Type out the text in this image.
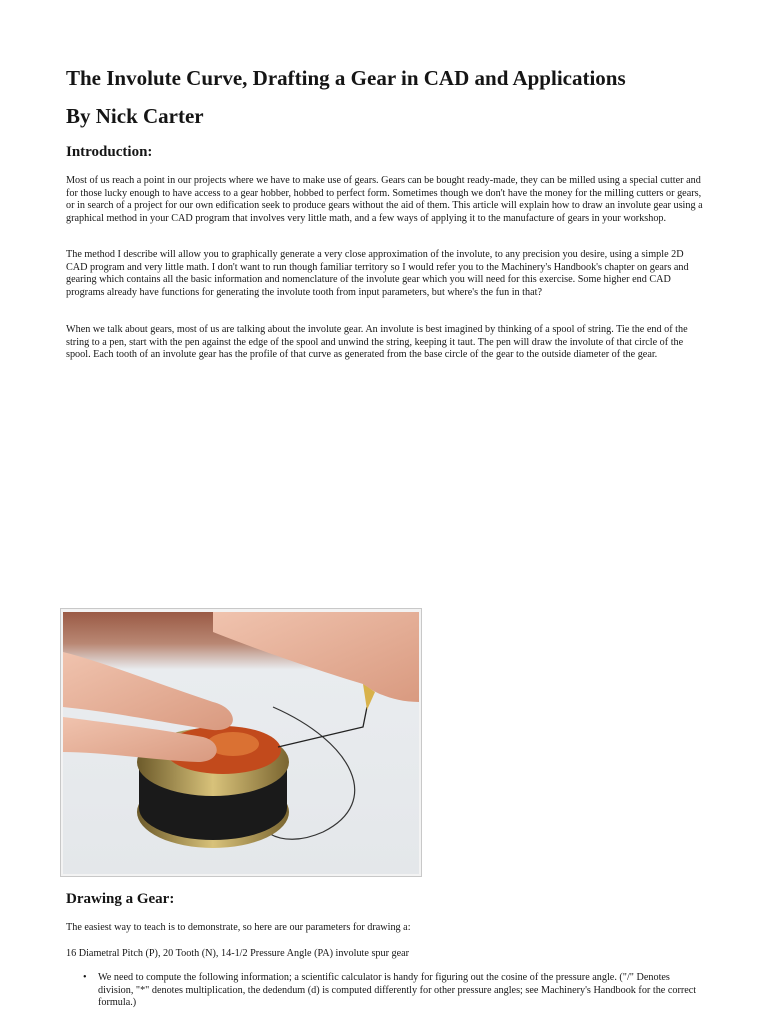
The Involute Curve, Drafting a Gear in CAD and Applications
By Nick Carter
Introduction:

Most of us reach a point in our projects where we have to make use of gears. Gears can be bought ready-made, they can be milled using a special cutter and for those lucky enough to have access to a gear hobber, hobbed to perfect form. Sometimes though we don't have the money for the milling cutters or gears, or in search of a project for our own edification seek to produce gears without the aid of them. This article will explain how to draw an involute gear using a graphical method in your CAD program that involves very little math, and a few ways of applying it to the manufacture of gears in your workshop.

The method I describe will allow you to graphically generate a very close approximation of the involute, to any precision you desire, using a simple 2D CAD program and very little math. I don't want to run though familiar territory so I would refer you to the Machinery's Handbook's chapter on gears and gearing which contains all the basic information and nomenclature of the involute gear which you will need for this exercise. Some higher end CAD programs already have functions for generating the involute tooth from input parameters, but where's the fun in that?

When we talk about gears, most of us are talking about the involute gear. An involute is best imagined by thinking of a spool of string. Tie the end of the string to a pen, start with the pen against the edge of the spool and unwind the string, keeping it taut. The pen will draw the involute of that circle of the spool. Each tooth of an involute gear has the profile of that curve as generated from the base circle of the gear to the outside diameter of the gear.

Drawing a Gear:

The easiest way to teach is to demonstrate, so here are our parameters for drawing a:

16 Diametral Pitch (P), 20 Tooth (N), 14-1/2 Pressure Angle (PA) involute spur gear

• We need to compute the following information; a scientific calculator is handy for figuring out the cosine of the pressure angle. ("/" Denotes division, "*" denotes multiplication, the dedendum (d) is computed differently for other pressure angles; see Machinery's Handbook for the correct formula.)
